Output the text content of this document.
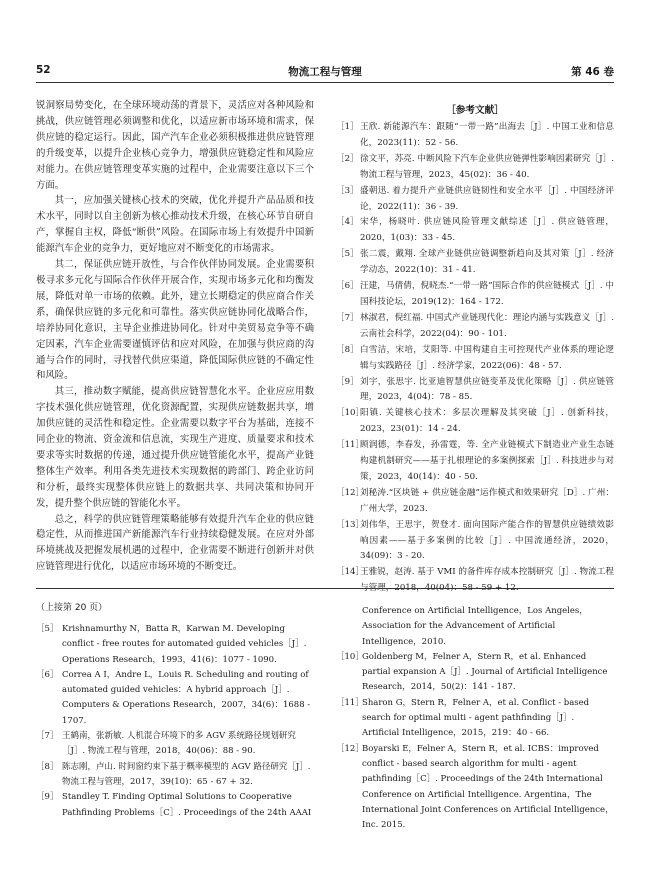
52	物流工程与管理	第 46 卷

锐洞察局势变化，在全球环境动荡的背景下，灵活应对各种风险和挑战，供应链管理必须调整和优化，以适应新市场环境和需求，保供应链的稳定运行。因此，国产汽车企业必须积极推进供应链管理的升级变革，以提升企业核心竞争力，增强供应链稳定性和风险应对能力。在供应链管理变革实施的过程中，企业需要注意以下三个方面。

其一，应加强关键核心技术的突破，优化并提升产品品质和技术水平，同时以自主创新为核心推动技术升级，在核心环节自研自产，掌握自主权，降低“断供”风险。在国际市场上有效提升中国新能源汽车企业的竞争力，更好地应对不断变化的市场需求。

其二，保证供应链开放性，与合作伙伴协同发展。企业需要积极寻求多元化与国际合作伙伴开展合作，实现市场多元化和均衡发展，降低对单一市场的依赖。此外，建立长期稳定的供应商合作关系，确保供应链的多元化和可靠性。落实供应链协同化战略合作，培养协同化意识，主导企业推进协同化。针对中美贸易竞争等不确定因素，汽车企业需要谨慎评估和应对风险，在加强与供应商的沟通与合作的同时，寻找替代供应渠道，降低国际供应链的不确定性和风险。

其三，推动数字赋能，提高供应链智慧化水平。企业应应用数字技术强化供应链管理，优化资源配置，实现供应链数据共享，增加供应链的灵活性和稳定性。企业需要以数字平台为基础，连接不同企业的物流、资金流和信息流，实现生产进度、质量要求和技术要求等实时数据的传递，通过提升供应链管能化水平，提高产业链整体生产效率。利用各类先进技术实现数据的跨部门、跨企业访问和分析，最终实现整体供应链上的数据共享、共同决策和协同开发，提升整个供应链的智能化水平。

总之，科学的供应链管理策略能够有效提升汽车企业的供应链稳定性，从而推进国产新能源汽车行业持续稳健发展。在应对外部环境挑战及把握发展机遇的过程中，企业需要不断进行创新并对供应链管理进行优化，以适应市场环境的不断变迁。

［参考文献］
［1］ 王欣. 新能源汽车：跟随“一带一路”出海去［J］. 中国工业和信息化，2023(11)：52 - 56.
［2］ 徐文平，苏亮. 中断风险下汽车企业供应链弹性影响因素研究［J］. 物流工程与管理，2023，45(02)：36 - 40.
［3］ 盛朝迅. 着力提升产业链供应链韧性和安全水平［J］. 中国经济评论，2022(11)：36 - 39.
［4］ 宋华，杨晓叶. 供应链风险管理文献综述［J］. 供应链管理，2020，1(03)：33 - 45.
［5］ 张二震，戴翔. 全球产业链供应链调整新趋向及其对策［J］. 经济学动态，2022(10)：31 - 41.
［6］ 汪建，马倩倩，倪晓杰.“一带一路”国际合作的供应链模式［J］. 中国科技论坛，2019(12)：164 - 172.
［7］ 林淑君，倪红福. 中国式产业链现代化：理论内涵与实践意义［J］. 云南社会科学，2022(04)：90 - 101.
［8］ 白雪洁，宋培，艾阳等. 中国构建自主可控现代产业体系的理论逻辑与实践路径［J］. 经济学家，2022(06)：48 - 57.
［9］ 刘宇，张思宇. 比亚迪智慧供应链变革及优化策略［J］. 供应链管理，2023，4(04)：78 - 85.
［10］
阳镇. 关键核心技术：多层次理解及其突破［J］. 创新科技，2023，23(01)：14 - 24.
［11］
顾润德，李春发，孙雷霆，等. 全产业链模式下制造业产业生态链构建机制研究——基于扎根理论的多案例探索［J］. 科技进步与对策，2023，40(14)：40 - 50.
［12］
刘秘涛.“区块链 + 供应链金融”运作模式和效果研究［D］. 广州：广州大学，2023.
［13］
刘伟华，王思宇，贺登才. 面向国际产能合作的智慧供应链绩效影响因素——基于多案例的比较［J］. 中国流通经济，2020，34(09)：3 - 20.
［14］
王雅锐，赵涛. 基于 VMI 的备件库存成本控制研究［J］. 物流工程与管理，2018，40(04)：58 - 59 + 12.
（上接第 20 页）
［5］ Krishnamurthy N，Batta R，Karwan M. Developing conflict - free routes for automated guided vehicles［J］. Operations Research，1993，41(6)：1077 - 1090.
［6］ Correa A I，Andre L，Louis R. Scheduling and routing of automated guided vehicles：A hybrid approach［J］. Computers & Operations Research，2007，34(6)：1688 - 1707.
［7］ 王鹤南，张新敏. 人机混合环境下的多 AGV 系统路径规划研究［J］. 物流工程与管理，2018，40(06)：88 - 90.
［8］ 陈志刚，卢山. 时间窗约束下基于概率模型的 AGV 路径研究［J］. 物流工程与管理，2017，39(10)：65 - 67 + 32.
［9］ Standley T. Finding Optimal Solutions to Cooperative Pathfinding Problems［C］. Proceedings of the 24th AAAI
Conference on Artificial Intelligence，Los Angeles，Association for the Advancement of Artificial Intelligence，2010.
［10］
Goldenberg M，Felner A，Stern R，et al. Enhanced partial expansion A［J］. Journal of Artificial Intelligence Research，2014，50(2)：141 - 187.
［11］
Sharon G，Stern R，Felner A，et al. Conflict - based search for optimal multi - agent pathfinding［J］. Artificial Intelligence，2015，219：40 - 66.
［12］
Boyarski E，Felner A，Stern R，et al. ICBS：improved conflict - based search algorithm for multi - agent pathfinding［C］. Proceedings of the 24th International Conference on Artificial Intelligence. Argentina，The International Joint Conferences on Artificial Intelligence，Inc. 2015.
